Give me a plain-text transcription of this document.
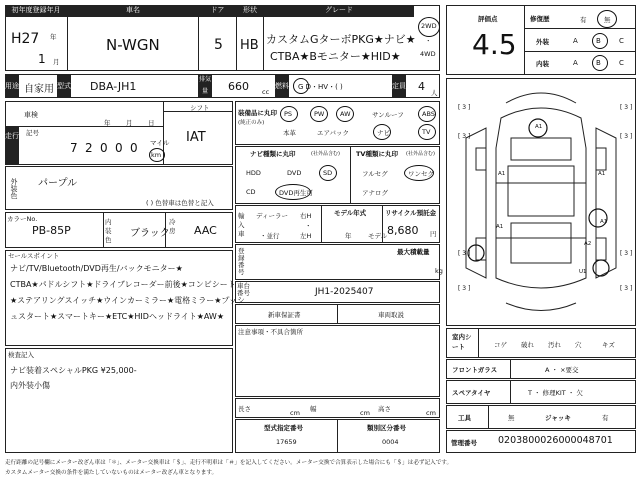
初年度登録年月
H27 年
1 月
車名
N-WGN
ドア
5
形状
HB
グレード
カスタムGターボPKG★ナビ★
CTBA★Bモニター★HID★
2WD
・
4WD
用途 自家用 型式 DBA-JH1
排気量	660 cc
燃料 G D・HV・( )	定員 4 人
車検
年 月 日
シフト
IAT
走行 記号
7 2 0 0 0 マイル
km
外装色 パープル
( ) 色替車は色替と記入
カラーNo.
PB-85P
内装色
ブラック
冷房 AAC
セールスポイント
ナビ/TV/Bluetooth/DVD再生/バックモニター★
CTBA★パドルシフト★ドライブレコーダー前後★コンビシート
★ステアリングスイッチ★ウインカーミラー★電格ミラー★プッシ
ュスタート★スマートキー★ETC★HIDヘッドライト★AW★
検査記入
ナビ装着スペシャルPKG ¥25,000-
内外装小傷
装備品に丸印
(純正のみ)
PS	PW AW	サンルーフ	ABS
本革	エアバック	ナビ	TV
ナビ種類に丸印	(社外品含む)
HDD	DVD	SD
CD	DVD再生可
TV種類に丸印 (社外品含む)
フルセグ	ワンセグ
アナログ
輸入車
ディーラー
・並行
右H
・
左H
モデル年式
年	モデル
リサイクル預託金
8,680 円
登録番号
最大積載量
kg
車台番号	JH1-2025407
新車保証書	車両取説
注意事項・不具合箇所
長さ	cm 幅	cm 高さ	cm
型式指定番号
17659
類別区分番号
0004
評価点
4.5
修復歴	有	無
外装	A	B	C
内装	A	B	C
[ 3 ]	[ 3 ]
[ 3 ]	[ 3 ]
[ 3 ]	[ 3 ]
[ 3 ]	[ 3 ]
A1
A1	A1
A1
A1
A2
U1
室内シート	コゲ 破れ 汚れ 穴	キズ
フロントガラス	A ・ ×要交
スペアタイヤ	T ・ 修理KIT ・ 欠
工具	無	ジャッキ	有
管理番号 0203800026000048701
走行距離の記号欄にメーター改ざん車は「＊」、メーター交換車は「＄」、走行不明車は「＃」を記入してください。メーター交換で合算表示した場合にも「＄」は必ず記入です。
カスタムメーター交換の条件を満たしていないものはメーター改ざん車となります。
